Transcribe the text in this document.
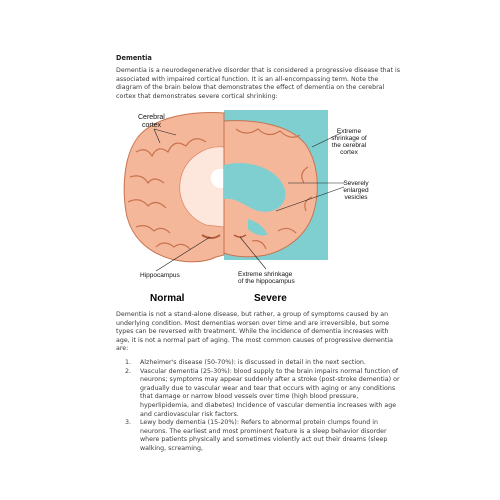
Dementia
Dementia is a neurodegenerative disorder that is considered a progressive disease that is associated with impaired cortical function. It is an all-encompassing term. Note the diagram of the brain below that demonstrates the effect of dementia on the cerebral cortex that demonstrates severe cortical shrinking:
Cerebral
cortex
Extreme
shrinkage of
the cerebral
cortex
Severely
enlarged
vesicles
Hippocampus	Extreme shrinkage
of the hippocampus
Normal	Severe
Dementia is not a stand-alone disease, but rather, a group of symptoms caused by an underlying condition. Most dementias worsen over time and are irreversible, but some types can be reversed with treatment. While the incidence of dementia increases with age, it is not a normal part of aging. The most common causes of progressive dementia are:
1. Alzheimer's disease (50-70%): is discussed in detail in the next section.
2. Vascular dementia (25-30%): blood supply to the brain impairs normal function of neurons; symptoms may appear suddenly after a stroke (post-stroke dementia) or gradually due to vascular wear and tear that occurs with aging or any conditions that damage or narrow blood vessels over time (high blood pressure, hyperlipidemia, and diabetes) Incidence of vascular dementia increases with age and cardiovascular risk factors.
3. Lewy body dementia (15-20%): Refers to abnormal protein clumps found in neurons. The earliest and most prominent feature is a sleep behavior disorder where patients physically and sometimes violently act out their dreams (sleep walking, screaming,
